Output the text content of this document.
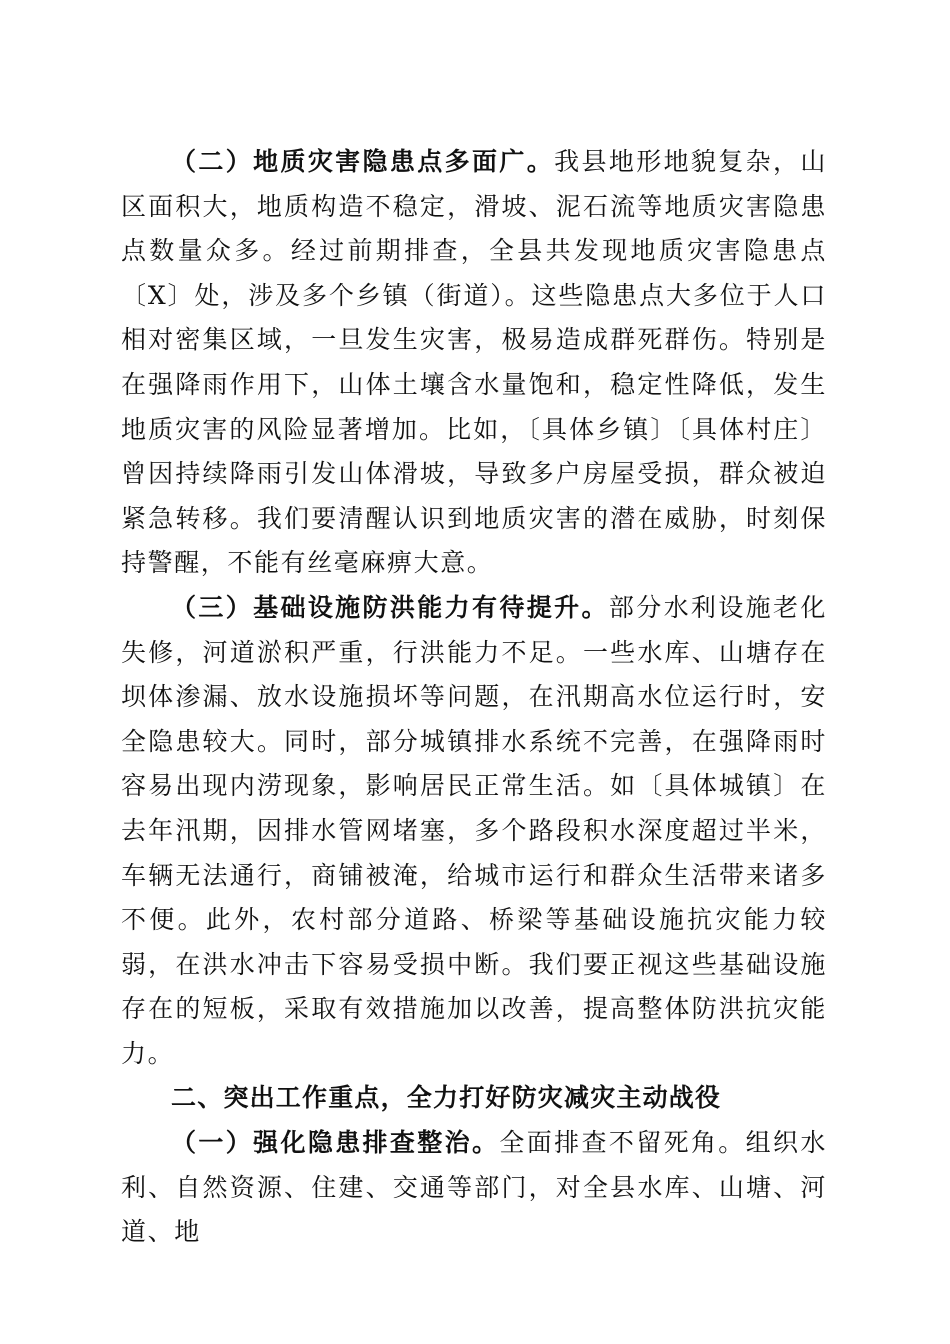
（二）地质灾害隐患点多面广。我县地形地貌复杂，山区面积大，地质构造不稳定，滑坡、泥石流等地质灾害隐患点数量众多。经过前期排查，全县共发现地质灾害隐患点〔X〕处，涉及多个乡镇（街道）。这些隐患点大多位于人口相对密集区域，一旦发生灾害，极易造成群死群伤。特别是在强降雨作用下，山体土壤含水量饱和，稳定性降低，发生地质灾害的风险显著增加。比如，〔具体乡镇〕〔具体村庄〕曾因持续降雨引发山体滑坡，导致多户房屋受损，群众被迫紧急转移。我们要清醒认识到地质灾害的潜在威胁，时刻保持警醒，不能有丝毫麻痹大意。

（三）基础设施防洪能力有待提升。部分水利设施老化失修，河道淤积严重，行洪能力不足。一些水库、山塘存在坝体渗漏、放水设施损坏等问题，在汛期高水位运行时，安全隐患较大。同时，部分城镇排水系统不完善，在强降雨时容易出现内涝现象，影响居民正常生活。如〔具体城镇〕在去年汛期，因排水管网堵塞，多个路段积水深度超过半米，车辆无法通行，商铺被淹，给城市运行和群众生活带来诸多不便。此外，农村部分道路、桥梁等基础设施抗灾能力较弱，在洪水冲击下容易受损中断。我们要正视这些基础设施存在的短板，采取有效措施加以改善，提高整体防洪抗灾能力。

二、突出工作重点，全力打好防灾减灾主动战役

（一）强化隐患排查整治。全面排查不留死角。组织水利、自然资源、住建、交通等部门，对全县水库、山塘、河道、地
